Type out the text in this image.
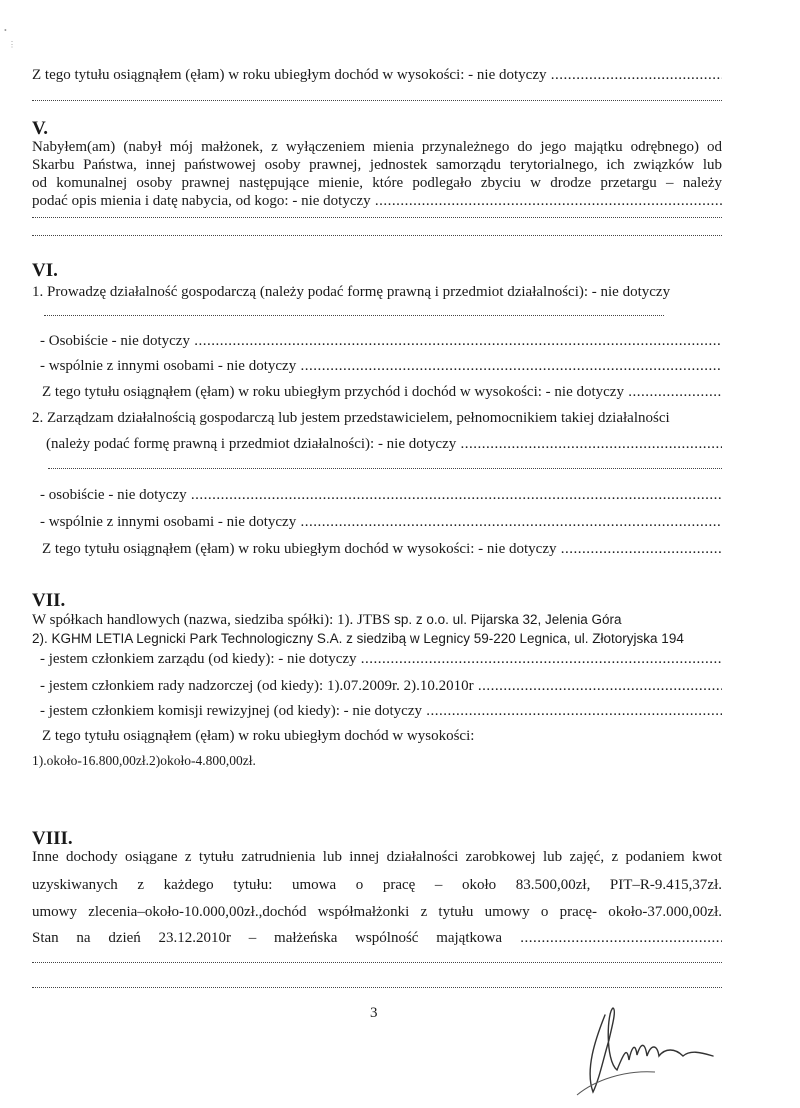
•
⋮
Z tego tytułu osiągnąłem (ęłam) w roku ubiegłym dochód w wysokości: - nie dotyczy .....
V.
Nabyłem(am) (nabył mój małżonek, z wyłączeniem mienia przynależnego do jego majątku odrębnego) od
Skarbu Państwa, innej państwowej osoby prawnej, jednostek samorządu terytorialnego, ich związków lub
od komunalnej osoby prawnej następujące mienie, które podlegało zbyciu w drodze przetargu – należy
podać opis mienia i datę nabycia, od kogo: - nie dotyczy .....
VI.
1. Prowadzę działalność gospodarczą (należy podać formę prawną i przedmiot działalności): - nie dotyczy
- Osobiście - nie dotyczy .....
- wspólnie z innymi osobami - nie dotyczy .....
Z tego tytułu osiągnąłem (ęłam) w roku ubiegłym przychód i dochód w wysokości: - nie dotyczy .....
2. Zarządzam działalnością gospodarczą lub jestem przedstawicielem, pełnomocnikiem takiej działalności
(należy podać formę prawną i przedmiot działalności): - nie dotyczy .....
- osobiście - nie dotyczy .....
- wspólnie z innymi osobami - nie dotyczy .....
Z tego tytułu osiągnąłem (ęłam) w roku ubiegłym dochód w wysokości: - nie dotyczy .....
VII.
W spółkach handlowych (nazwa, siedziba spółki): 1). JTBS sp. z o.o. ul. Pijarska 32, Jelenia Góra
2). KGHM LETIA Legnicki Park Technologiczny S.A. z siedzibą w Legnicy 59-220 Legnica, ul. Złotoryjska 194
- jestem członkiem zarządu (od kiedy): - nie dotyczy .....
- jestem członkiem rady nadzorczej (od kiedy): 1).07.2009r. 2).10.2010r .....
- jestem członkiem komisji rewizyjnej (od kiedy): - nie dotyczy .....
Z tego tytułu osiągnąłem (ęłam) w roku ubiegłym dochód w wysokości:
1).około-16.800,00zł.2)około-4.800,00zł.
VIII.
Inne dochody osiągane z tytułu zatrudnienia lub innej działalności zarobkowej lub zajęć, z podaniem kwot
uzyskiwanych z każdego tytułu: umowa o pracę – około 83.500,00zł, PIT–R-9.415,37zł.
umowy zlecenia–około-10.000,00zł.,dochód współmałżonki z tytułu umowy o pracę- około-37.000,00zł.
Stan na dzień 23.12.2010r – małżeńska wspólność majątkowa .....
3
